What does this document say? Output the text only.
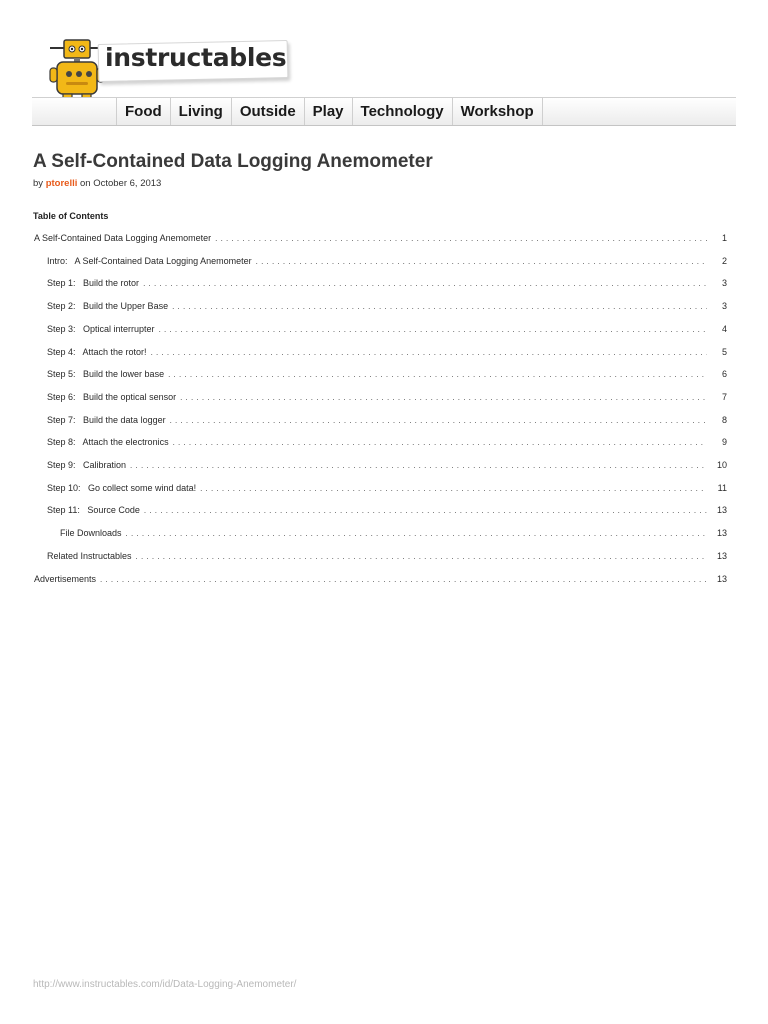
instructables
Food	Living	Outside	Play	Technology	Workshop
A Self-Contained Data Logging Anemometer
by ptorelli on October 6, 2013
Table of Contents
A Self-Contained Data Logging Anemometer . . .	1
Intro:   A Self-Contained Data Logging Anemometer . . .	2
Step 1:   Build the rotor . . .	3
Step 2:   Build the Upper Base . . .	3
Step 3:   Optical interrupter . . .	4
Step 4:   Attach the rotor! . . .	5
Step 5:   Build the lower base . . .	6
Step 6:   Build the optical sensor . . .	7
Step 7:   Build the data logger . . .	8
Step 8:   Attach the electronics . . .	9
Step 9:   Calibration . . .	10
Step 10:   Go collect some wind data! . . .	11
Step 11:   Source Code . . .	13
File Downloads . . .	13
Related Instructables . . .	13
Advertisements . . .	13
http://www.instructables.com/id/Data-Logging-Anemometer/
